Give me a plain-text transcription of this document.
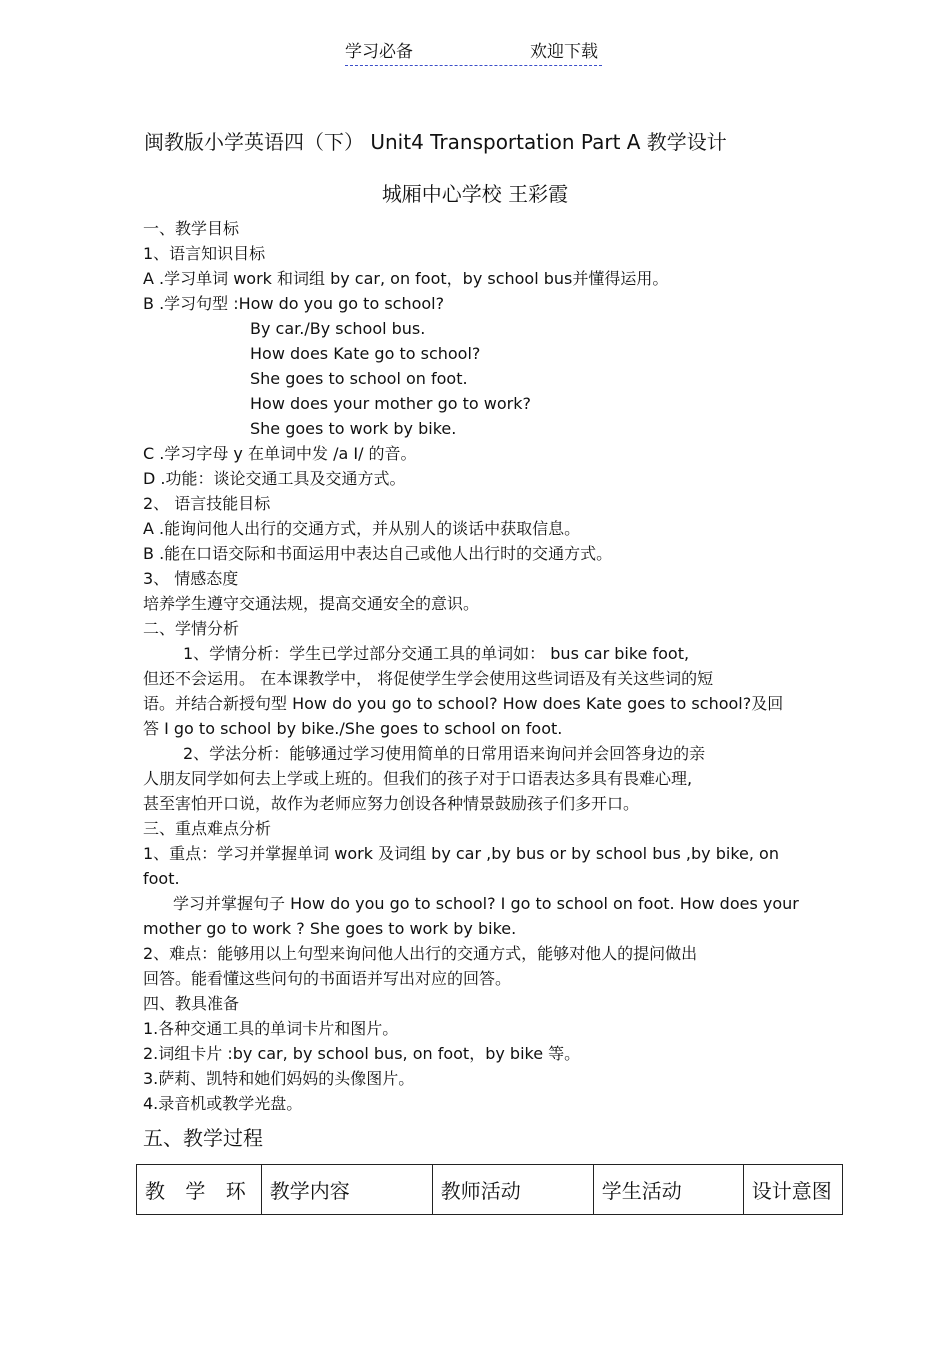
学习必备	欢迎下载
闽教版小学英语四（下） Unit4 Transportation Part A 教学设计
城厢中心学校 王彩霞
一、教学目标
1、语言知识目标
A .学习单词 work 和词组 by car, on foot，by school bus并懂得运用。
B .学习句型 :How do you go to school?
By car./By school bus.
How does Kate go to school?
She goes to school on foot.
How does your mother go to work?
She goes to work by bike.
C .学习字母 y 在单词中发 /a Ⅰ/ 的音。
D .功能：谈论交通工具及交通方式。
2、 语言技能目标
A .能询问他人出行的交通方式，并从别人的谈话中获取信息。
B .能在口语交际和书面运用中表达自己或他人出行时的交通方式。
3、 情感态度
培养学生遵守交通法规，提高交通安全的意识。
二、学情分析
1、学情分析：学生已学过部分交通工具的单词如： bus car bike foot,
但还不会运用。 在本课教学中， 将促使学生学会使用这些词语及有关这些词的短
语。并结合新授句型 How do you go to school? How does Kate goes to school?及回
答 I go to school by bike./She goes to school on foot.
2、学法分析：能够通过学习使用简单的日常用语来询问并会回答身边的亲
人朋友同学如何去上学或上班的。但我们的孩子对于口语表达多具有畏难心理,
甚至害怕开口说，故作为老师应努力创设各种情景鼓励孩子们多开口。
三、重点难点分析
1、重点：学习并掌握单词 work 及词组 by car ,by bus or by school bus ,by bike, on
foot.
学习并掌握句子 How do you go to school? I go to school on foot. How does your
mother go to work ? She goes to work by bike.
2、难点：能够用以上句型来询问他人出行的交通方式，能够对他人的提问做出
回答。能看懂这些问句的书面语并写出对应的回答。
四、教具准备
1.各种交通工具的单词卡片和图片。
2.词组卡片 :by car, by school bus, on foot，by bike 等。
3.萨莉、凯特和她们妈妈的头像图片。
4.录音机或教学光盘。
五、教学过程
教 学 环	教学内容	教师活动	学生活动	设计意图
